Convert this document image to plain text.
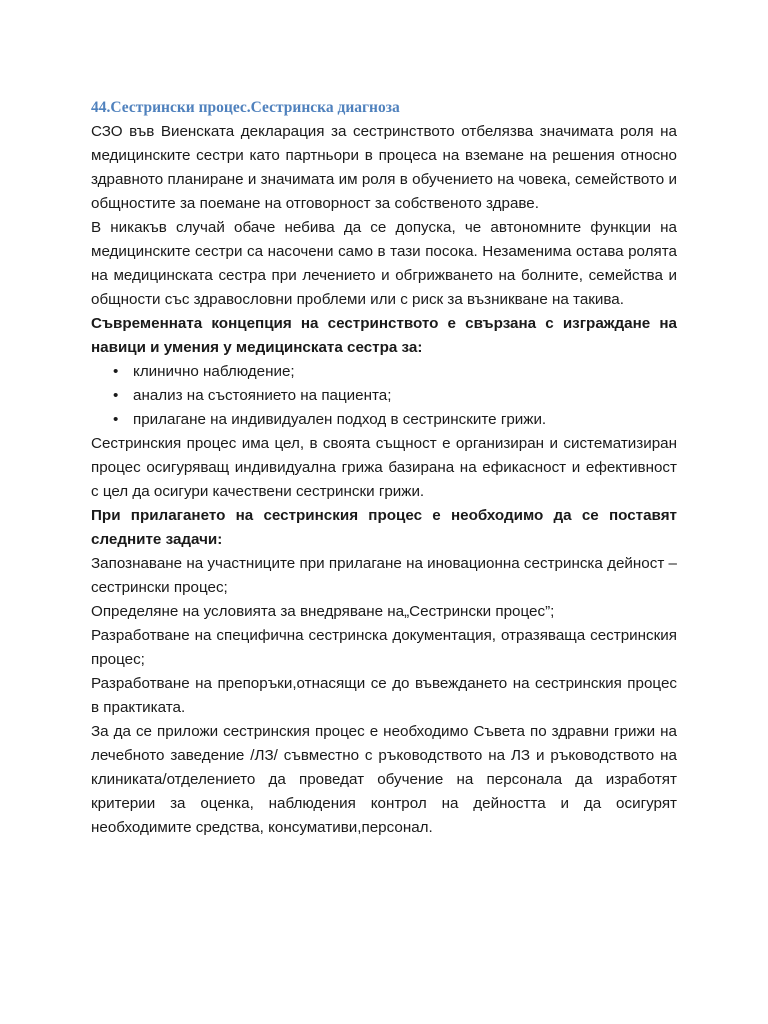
44.Сестрински процес.Сестринска диагноза

СЗО във Виенската декларация за сестринството отбелязва значимата роля на медицинските сестри като партньори в процеса на вземане на решения относно здравното планиране и значимата им роля в обучението на човека, семейството и общностите за поемане на отговорност за собственото здраве.

В никакъв случай обаче небива да се допуска, че автономните функции на медицинските сестри са насочени само в тази посока. Незаменима остава ролята на медицинската сестра при лечението и обгрижването на болните, семейства и общности със здравословни проблеми или с риск за възникване на такива.

Съвременната концепция на сестринството е свързана с изграждане на навици и умения у медицинската сестра за:

• клинично наблюдение;
• анализ на състоянието на пациента;
• прилагане на индивидуален подход в сестринските грижи.

Сестринския процес има цел, в своята същност е организиран и систематизиран процес осигуряващ индивидуална грижа базирана на ефикасност и ефективност с цел да осигури качествени сестрински грижи.

При прилагането на сестринския процес е необходимо да се поставят следните задачи:

Запознаване на участниците при прилагане на иновационна сестринска дейност – сестрински процес;

Определяне на условията за внедряване на„Сестрински процес”;

Разработване на специфична сестринска документация, отразяваща сестринския процес;

Разработване на препоръки,отнасящи се до въвеждането на сестринския процес в практиката.

За да се приложи сестринския процес е необходимо Съвета по здравни грижи на лечебното заведение /ЛЗ/ съвместно с ръководството на ЛЗ и ръководството на клиниката/отделението да проведат обучение на персонала да изработят критерии за оценка, наблюдения контрол на дейността и да осигурят необходимите средства, консумативи,персонал.
